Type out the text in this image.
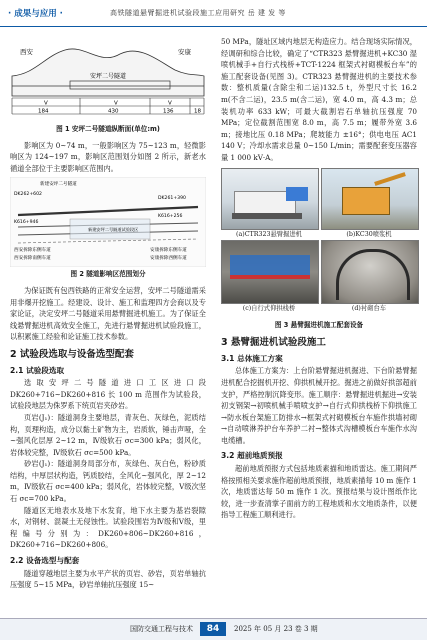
· 成果与应用 ·	高铁隧道悬臂掘进机试验段施工应用研究 岳 建 发 等
西安	安康
安坪二号隧道
V	V	V
184	430	136	18
图 1 安坪二号隧道纵断面(单位:m)

影响区为 0~74 m，一般影响区为 75~123 m，轻微影响区为 124~197 m，影响区范围划分如图 2 所示，新老水循道全部位于主要影响区范围内。

新建安坪二号隧道
DK262+602
K616+946
西安拆除东侧车道
西安拆除南侧车道
DK261+390
K616+256
安康拆除东侧车道
安康拆除西侧车道
新建安坪二号隧道试验段区
图 2 隧道影响区范围划分

为保证既有包西铁路的正常安全运营，安坪二号隧道需采用非爆开挖施工。经建设、设计、施工和监理四方会商以及专家论证，决定安坪二号隧道采用悬臂掘进机施工。为了保证全线悬臂掘进机高效安全施工，先进行悬臂掘进机试验段施工，以积累施工经验和论证施工技术参数。

2 试验段选取与设备选型配套
2.1 试验段选取

选取安坪二号隧道进口工区进口段 DK260+716~DK260+816 长 100 m 范围作为试验段，试验段地层为侏罗系下统页岩夹砂岩。

页岩(J₁)：隧道洞身主要地层，青灰色、灰绿色，泥质结构，页理构造，成分以黏土矿物为主，岩质软，锤击声哑，全~强风化层厚 2~12 m，Ⅳ级软石 σc=300 kPa；弱风化，岩体较完整，Ⅳ级软石 σc=500 kPa。

砂岩(J₁)：隧道洞身局部分布，灰绿色、灰白色，粉砂质结构，中厚层状构造，钙质胶结，全风化~强风化，厚 2~12 m，Ⅳ级软石 σc=400 kPa；弱风化，岩体较完整，Ⅴ级次坚石 σc=700 kPa。

隧道区无地表水及地下水发育，地下水主要为基岩裂隙水，对钢材、混凝土无侵蚀性。试验段围岩为Ⅳ级和Ⅴ级，里程编号分别为：DK260+806~DK260+816，DK260+716~DK260+806。

2.2 设备选型与配套

隧道穿越地层主要为水平产状的页岩、砂岩，页岩单轴抗压强度 5~15 MPa，砂岩单轴抗压强度 15~

50 MPa，隧址区域内地层无构造应力。结合现场实际情况，经调研和综合比较，确定了“CTR323 悬臂掘进机+KC30 湿喷机械手+自行式栈桥+TCT-1224 框架式衬砌模板台车”的施工配套设备(见图 3)。CTR323 悬臂掘进机的主要技术参数：整机质量(含除尘和二运)132.5 t，外型尺寸长 16.2 m(不含二运)，23.5 m(含二运)，宽 4.0 m，高 4.3 m；总装机功率 633 kW；可最大截割岩石单轴抗压强度 70 MPa；定位截割范围宽 8.0 m，高 7.5 m；履带外宽 3.6 m；接地比压 0.18 MPa；爬坡能力 ±16°；供电电压 AC1 140 V；冷却水需求总量 0~150 L/min；需要配套变压器容量 1 000 kV·A。

(a)CTR323悬臂掘进机	(b)KC30喷浆机
(c)自行式仰拱栈桥	(d)衬砌台车
图 3 悬臂掘进机施工配套设备
3 悬臂掘进机试验段施工
3.1 总体施工方案

总体施工方案为：上台阶悬臂掘进机掘进、下台阶悬臂掘进机配合挖掘机开挖、仰拱机械开挖。掘进之前做好拱部超前支护，严格控制沉降变形。施工顺序：悬臂掘进机掘进→安装初支钢架→初喷机械手喷喷支护→自行式仰拱栈桥下仰拱施工→防水板台架施工防排水→框架式衬砌模板台车施作拱墙衬砌→自动喷淋养护台车养护二衬→整体式沟槽模板台车施作水沟电缆槽。

3.2 超前地质预报

超前地质预报方式包括地质素描和地质雷达。施工期间严格按照相关要求施作超前地质预报，地质素描每 10 m 施作 1 次，地质雷达每 50 m 施作 1 次。预报结果与设计图纸作比较，进一步查清掌子面前方的工程地质和水文地质条件，以便指导工程施工顺利进行。

国防交通工程与技术	84	2025 年 05 月 23 卷 3 期
